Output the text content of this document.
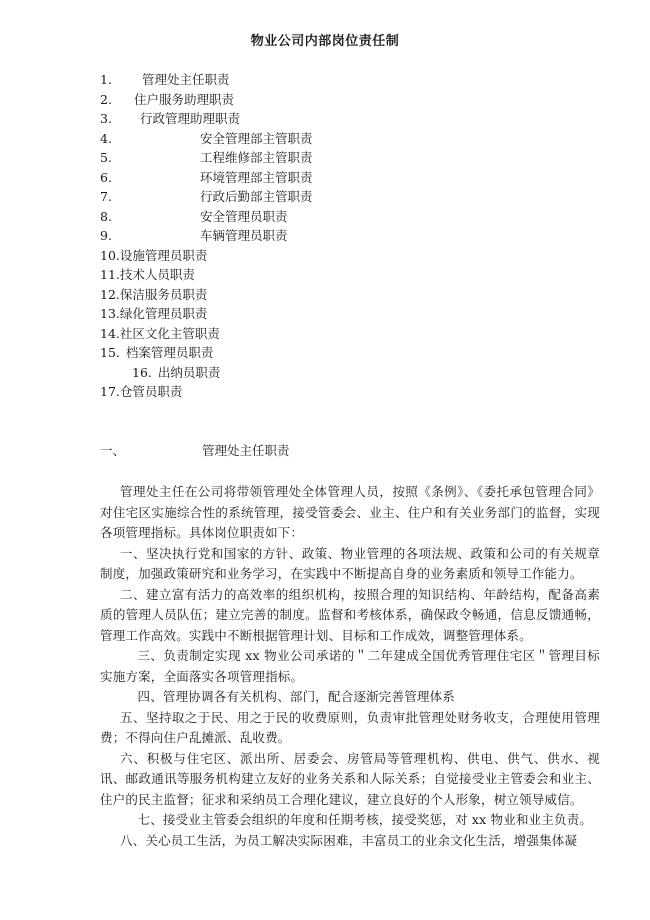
物业公司内部岗位责任制
1. 管理处主任职责
2. 住户服务助理职责
3. 行政管理助理职责
4.	安全管理部主管职责
5.	工程维修部主管职责
6.	环境管理部主管职责
7.	行政后勤部主管职责
8.	安全管理员职责
9.	车辆管理员职责
10.设施管理员职责
11.技术人员职责
12.保洁服务员职责
13.绿化管理员职责
14.社区文化主管职责
15. 档案管理员职责
16. 出纳员职责
17.仓管员职责
一、	管理处主任职责

管理处主任在公司将带领管理处全体管理人员，按照《条例》、《委托承包管理合同》对住宅区实施综合性的系统管理，接受管委会、业主、住户和有关业务部门的监督，实现各项管理指标。具体岗位职责如下：

一、坚决执行党和国家的方针、政策、物业管理的各项法规、政策和公司的有关规章制度，加强政策研究和业务学习，在实践中不断提高自身的业务素质和领导工作能力。

二、建立富有活力的高效率的组织机构，按照合理的知识结构、年龄结构，配备高素质的管理人员队伍；建立完善的制度。监督和考核体系，确保政令畅通，信息反馈通畅，管理工作高效。实践中不断根据管理计划、目标和工作成效，调整管理体系。

三、负责制定实现 xx 物业公司承诺的＂二年建成全国优秀管理住宅区＂管理目标实施方案，全面落实各项管理指标。

四、管理协调各有关机构、部门，配合逐渐完善管理体系

五、坚持取之于民、用之于民的收费原则，负责审批管理处财务收支，合理使用管理费；不得向住户乱摊派、乱收费。

六、积极与住宅区、派出所、居委会、房管局等管理机构、供电、供气、供水、视讯、邮政通讯等服务机构建立友好的业务关系和人际关系；自觉接受业主管委会和业主、住户的民主监督；征求和采纳员工合理化建议，建立良好的个人形象，树立领导威信。

七、接受业主管委会组织的年度和任期考核，接受奖惩，对 xx 物业和业主负责。

八、关心员工生活，为员工解决实际困难，丰富员工的业余文化生活，增强集体凝
